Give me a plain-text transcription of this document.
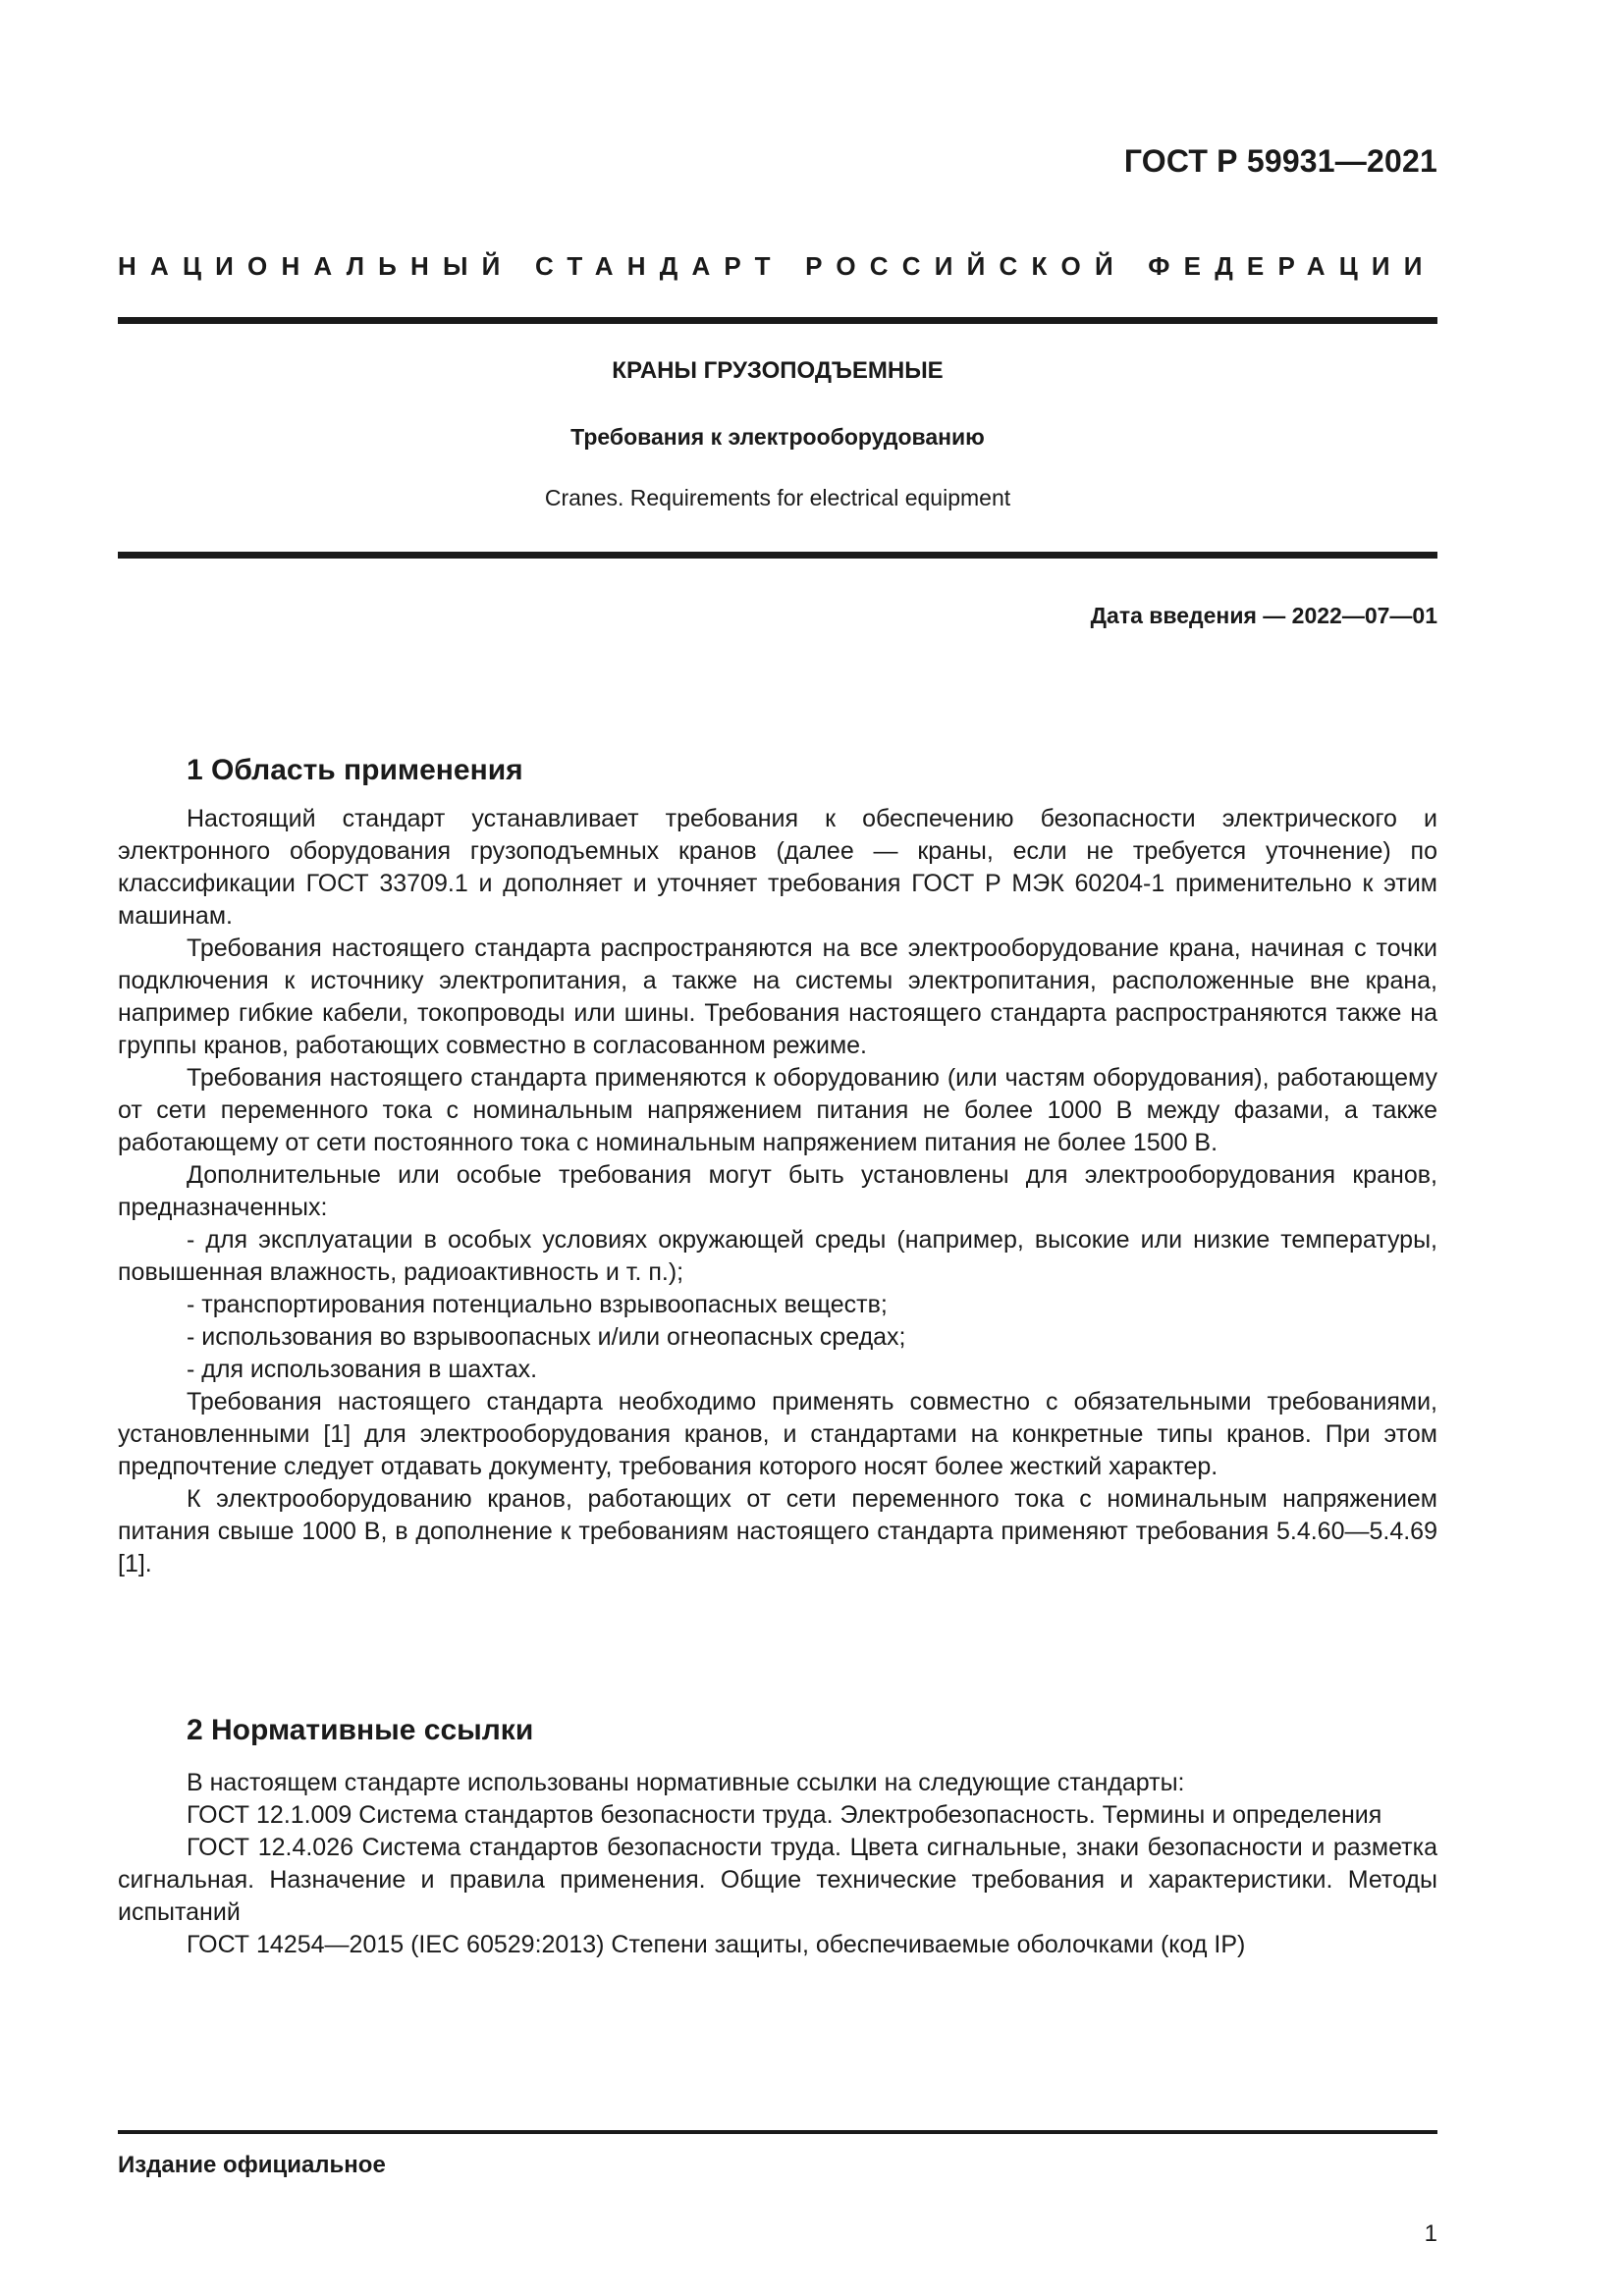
ГОСТ Р 59931—2021
НАЦИОНАЛЬНЫЙ СТАНДАРТ РОССИЙСКОЙ ФЕДЕРАЦИИ
КРАНЫ ГРУЗОПОДЪЕМНЫЕ
Требования к электрооборудованию
Cranes. Requirements for electrical equipment
Дата введения — 2022—07—01
1 Область применения

Настоящий стандарт устанавливает требования к обеспечению безопасности электрического и электронного оборудования грузоподъемных кранов (далее — краны, если не требуется уточнение) по классификации ГОСТ 33709.1 и дополняет и уточняет требования ГОСТ Р МЭК 60204-1 применительно к этим машинам.

Требования настоящего стандарта распространяются на все электрооборудование крана, начиная с точки подключения к источнику электропитания, а также на системы электропитания, расположенные вне крана, например гибкие кабели, токопроводы или шины. Требования настоящего стандарта распространяются также на группы кранов, работающих совместно в согласованном режиме.

Требования настоящего стандарта применяются к оборудованию (или частям оборудования), работающему от сети переменного тока с номинальным напряжением питания не более 1000 В между фазами, а также работающему от сети постоянного тока с номинальным напряжением питания не более 1500 В.

Дополнительные или особые требования могут быть установлены для электрооборудования кранов, предназначенных:

- для эксплуатации в особых условиях окружающей среды (например, высокие или низкие температуры, повышенная влажность, радиоактивность и т. п.);

- транспортирования потенциально взрывоопасных веществ;

- использования во взрывоопасных и/или огнеопасных средах;

- для использования в шахтах.

Требования настоящего стандарта необходимо применять совместно с обязательными требованиями, установленными [1] для электрооборудования кранов, и стандартами на конкретные типы кранов. При этом предпочтение следует отдавать документу, требования которого носят более жесткий характер.

К электрооборудованию кранов, работающих от сети переменного тока с номинальным напряжением питания свыше 1000 В, в дополнение к требованиям настоящего стандарта применяют требования 5.4.60—5.4.69 [1].

2 Нормативные ссылки

В настоящем стандарте использованы нормативные ссылки на следующие стандарты:

ГОСТ 12.1.009 Система стандартов безопасности труда. Электробезопасность. Термины и определения

ГОСТ 12.4.026 Система стандартов безопасности труда. Цвета сигнальные, знаки безопасности и разметка сигнальная. Назначение и правила применения. Общие технические требования и характеристики. Методы испытаний

ГОСТ 14254—2015 (IEC 60529:2013) Степени защиты, обеспечиваемые оболочками (код IP)

Издание официальное
1
